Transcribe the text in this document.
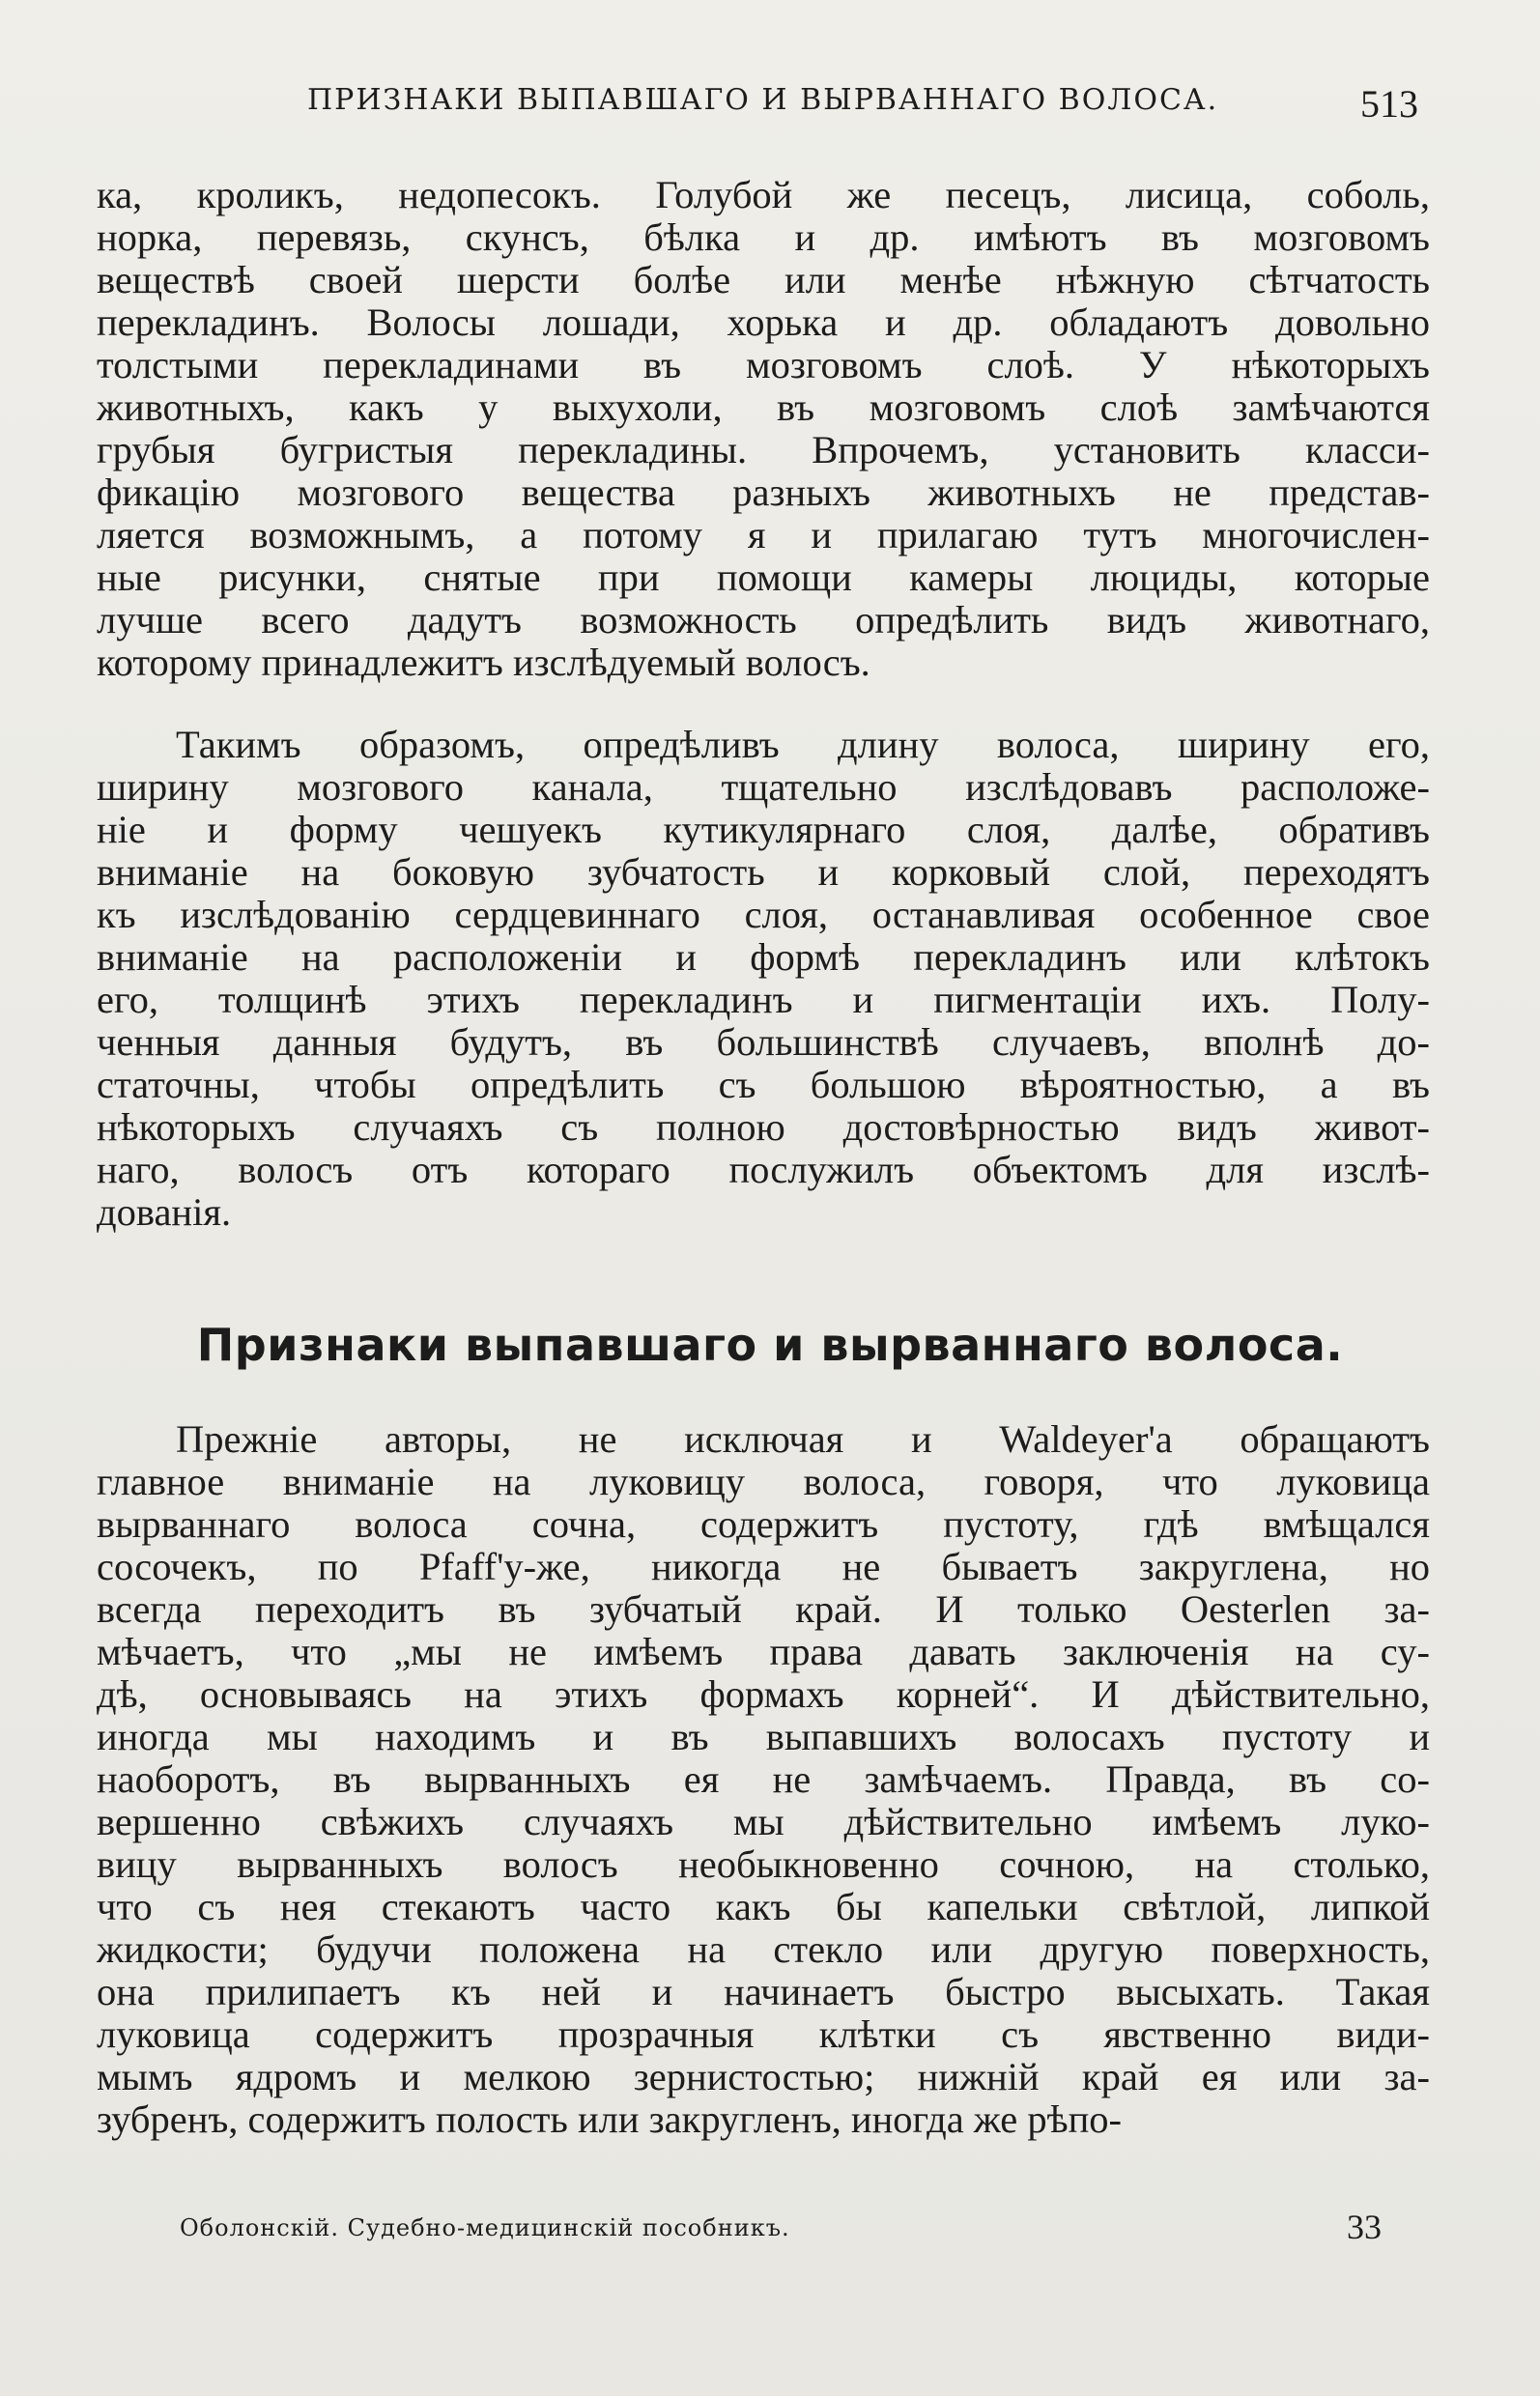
ПРИЗНАКИ ВЫПАВШАГО И ВЫРВАННАГО ВОЛОСА.	513
ка, кроликъ, недопесокъ. Голубой же песецъ, лисица, соболь,
норка, перевязь, скунсъ, бѣлка и др. имѣютъ въ мозговомъ
веществѣ своей шерсти болѣе или менѣе нѣжную сѣтчатость
перекладинъ. Волосы лошади, хорька и др. обладаютъ довольно
толстыми перекладинами въ мозговомъ слоѣ. У нѣкоторыхъ
животныхъ, какъ у выхухоли, въ мозговомъ слоѣ замѣчаются
грубыя бугристыя перекладины. Впрочемъ, установить класси-
фикацію мозгового вещества разныхъ животныхъ не представ-
ляется возможнымъ, а потому я и прилагаю тутъ многочислен-
ные рисунки, снятые при помощи камеры люциды, которые
лучше всего дадутъ возможность опредѣлить видъ животнаго,
которому принадлежитъ изслѣдуемый волосъ.
Такимъ образомъ, опредѣливъ длину волоса, ширину его,
ширину мозгового канала, тщательно изслѣдовавъ расположе-
ніе и форму чешуекъ кутикулярнаго слоя, далѣе, обративъ
вниманіе на боковую зубчатость и корковый слой, переходятъ
къ изслѣдованію сердцевиннаго слоя, останавливая особенное свое
вниманіе на расположеніи и формѣ перекладинъ или клѣтокъ
его, толщинѣ этихъ перекладинъ и пигментаціи ихъ. Полу-
ченныя данныя будутъ, въ большинствѣ случаевъ, вполнѣ до-
статочны, чтобы опредѣлить съ большою вѣроятностью, а въ
нѣкоторыхъ случаяхъ съ полною достовѣрностью видъ живот-
наго, волосъ отъ котораго послужилъ объектомъ для изслѣ-
дованія.
Признаки выпавшаго и вырваннаго волоса.
Прежніе авторы, не исключая и Waldeyer'а обращаютъ
главное вниманіе на луковицу волоса, говоря, что луковица
вырваннаго волоса сочна, содержитъ пустоту, гдѣ вмѣщался
сосочекъ, по Pfaff'у-же, никогда не бываетъ закруглена, но
всегда переходитъ въ зубчатый край. И только Oesterlen за-
мѣчаетъ, что „мы не имѣемъ права давать заключенія на су-
дѣ, основываясь на этихъ формахъ корней“. И дѣйствительно,
иногда мы находимъ и въ выпавшихъ волосахъ пустоту и
наоборотъ, въ вырванныхъ ея не замѣчаемъ. Правда, въ со-
вершенно свѣжихъ случаяхъ мы дѣйствительно имѣемъ луко-
вицу вырванныхъ волосъ необыкновенно сочною, на столько,
что съ нея стекаютъ часто какъ бы капельки свѣтлой, липкой
жидкости; будучи положена на стекло или другую поверхность,
она прилипаетъ къ ней и начинаетъ быстро высыхать. Такая
луковица содержитъ прозрачныя клѣтки съ явственно види-
мымъ ядромъ и мелкою зернистостью; нижній край ея или за-
зубренъ, содержитъ полость или закругленъ, иногда же рѣпо-
Оболонскій. Судебно-медицинскій пособникъ.	33
